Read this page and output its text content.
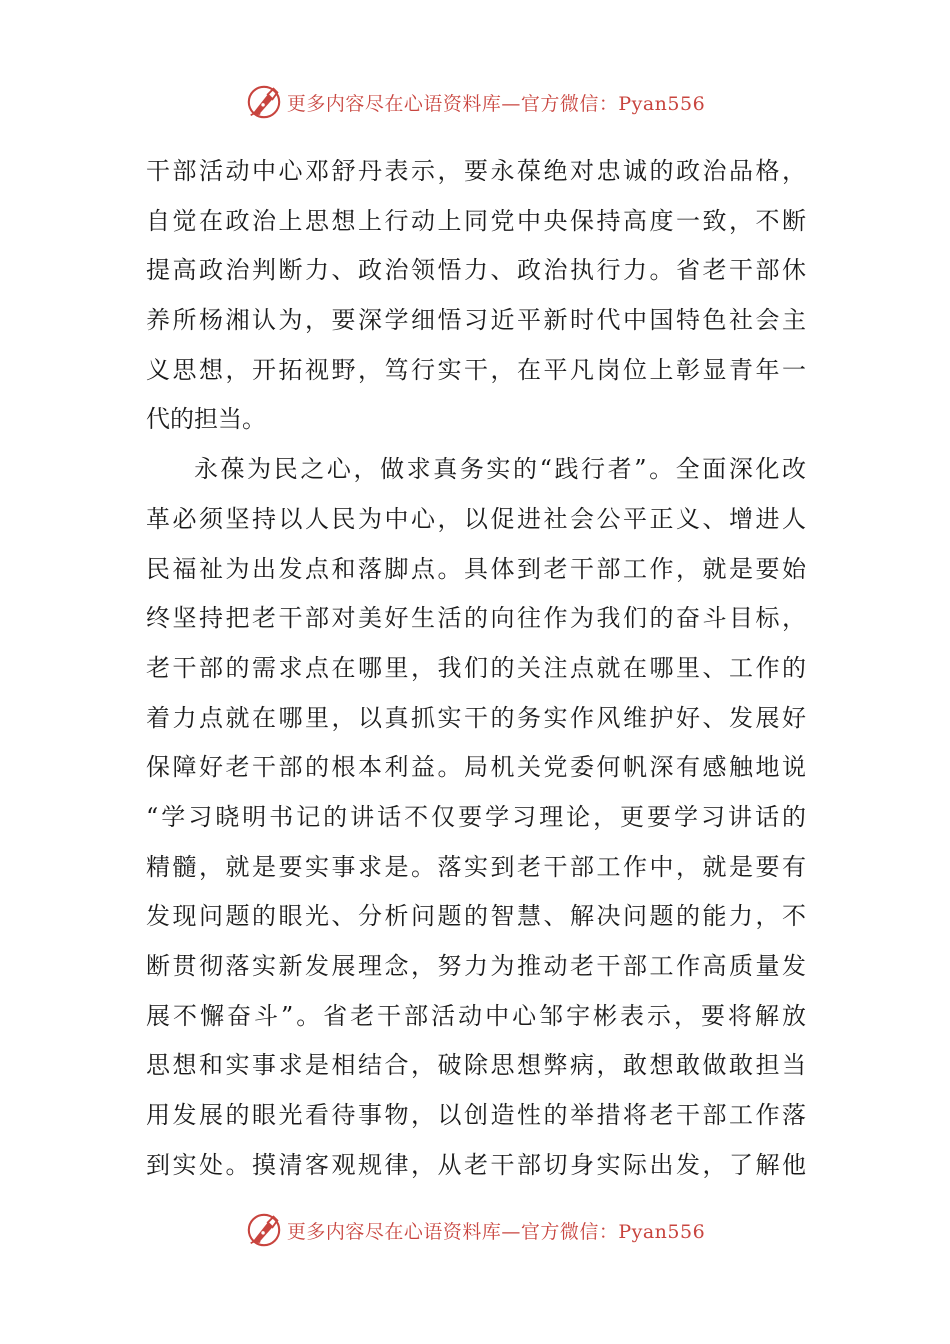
更多内容尽在心语资料库—官方微信：Pyan556
干部活动中心邓舒丹表示，要永葆绝对忠诚的政治品格，
自觉在政治上思想上行动上同党中央保持高度一致，不断
提高政治判断力、政治领悟力、政治执行力。省老干部休
养所杨湘认为，要深学细悟习近平新时代中国特色社会主
义思想，开拓视野，笃行实干，在平凡岗位上彰显青年一
代的担当。
永葆为民之心，做求真务实的“践行者”。全面深化改
革必须坚持以人民为中心，以促进社会公平正义、增进人
民福祉为出发点和落脚点。具体到老干部工作，就是要始
终坚持把老干部对美好生活的向往作为我们的奋斗目标，
老干部的需求点在哪里，我们的关注点就在哪里、工作的
着力点就在哪里，以真抓实干的务实作风维护好、发展好
保障好老干部的根本利益。局机关党委何帆深有感触地说
“学习晓明书记的讲话不仅要学习理论，更要学习讲话的
精髓，就是要实事求是。落实到老干部工作中，就是要有
发现问题的眼光、分析问题的智慧、解决问题的能力，不
断贯彻落实新发展理念，努力为推动老干部工作高质量发
展不懈奋斗”。省老干部活动中心邹宇彬表示，要将解放
思想和实事求是相结合，破除思想弊病，敢想敢做敢担当
用发展的眼光看待事物，以创造性的举措将老干部工作落
到实处。摸清客观规律，从老干部切身实际出发，了解他
更多内容尽在心语资料库—官方微信：Pyan556
